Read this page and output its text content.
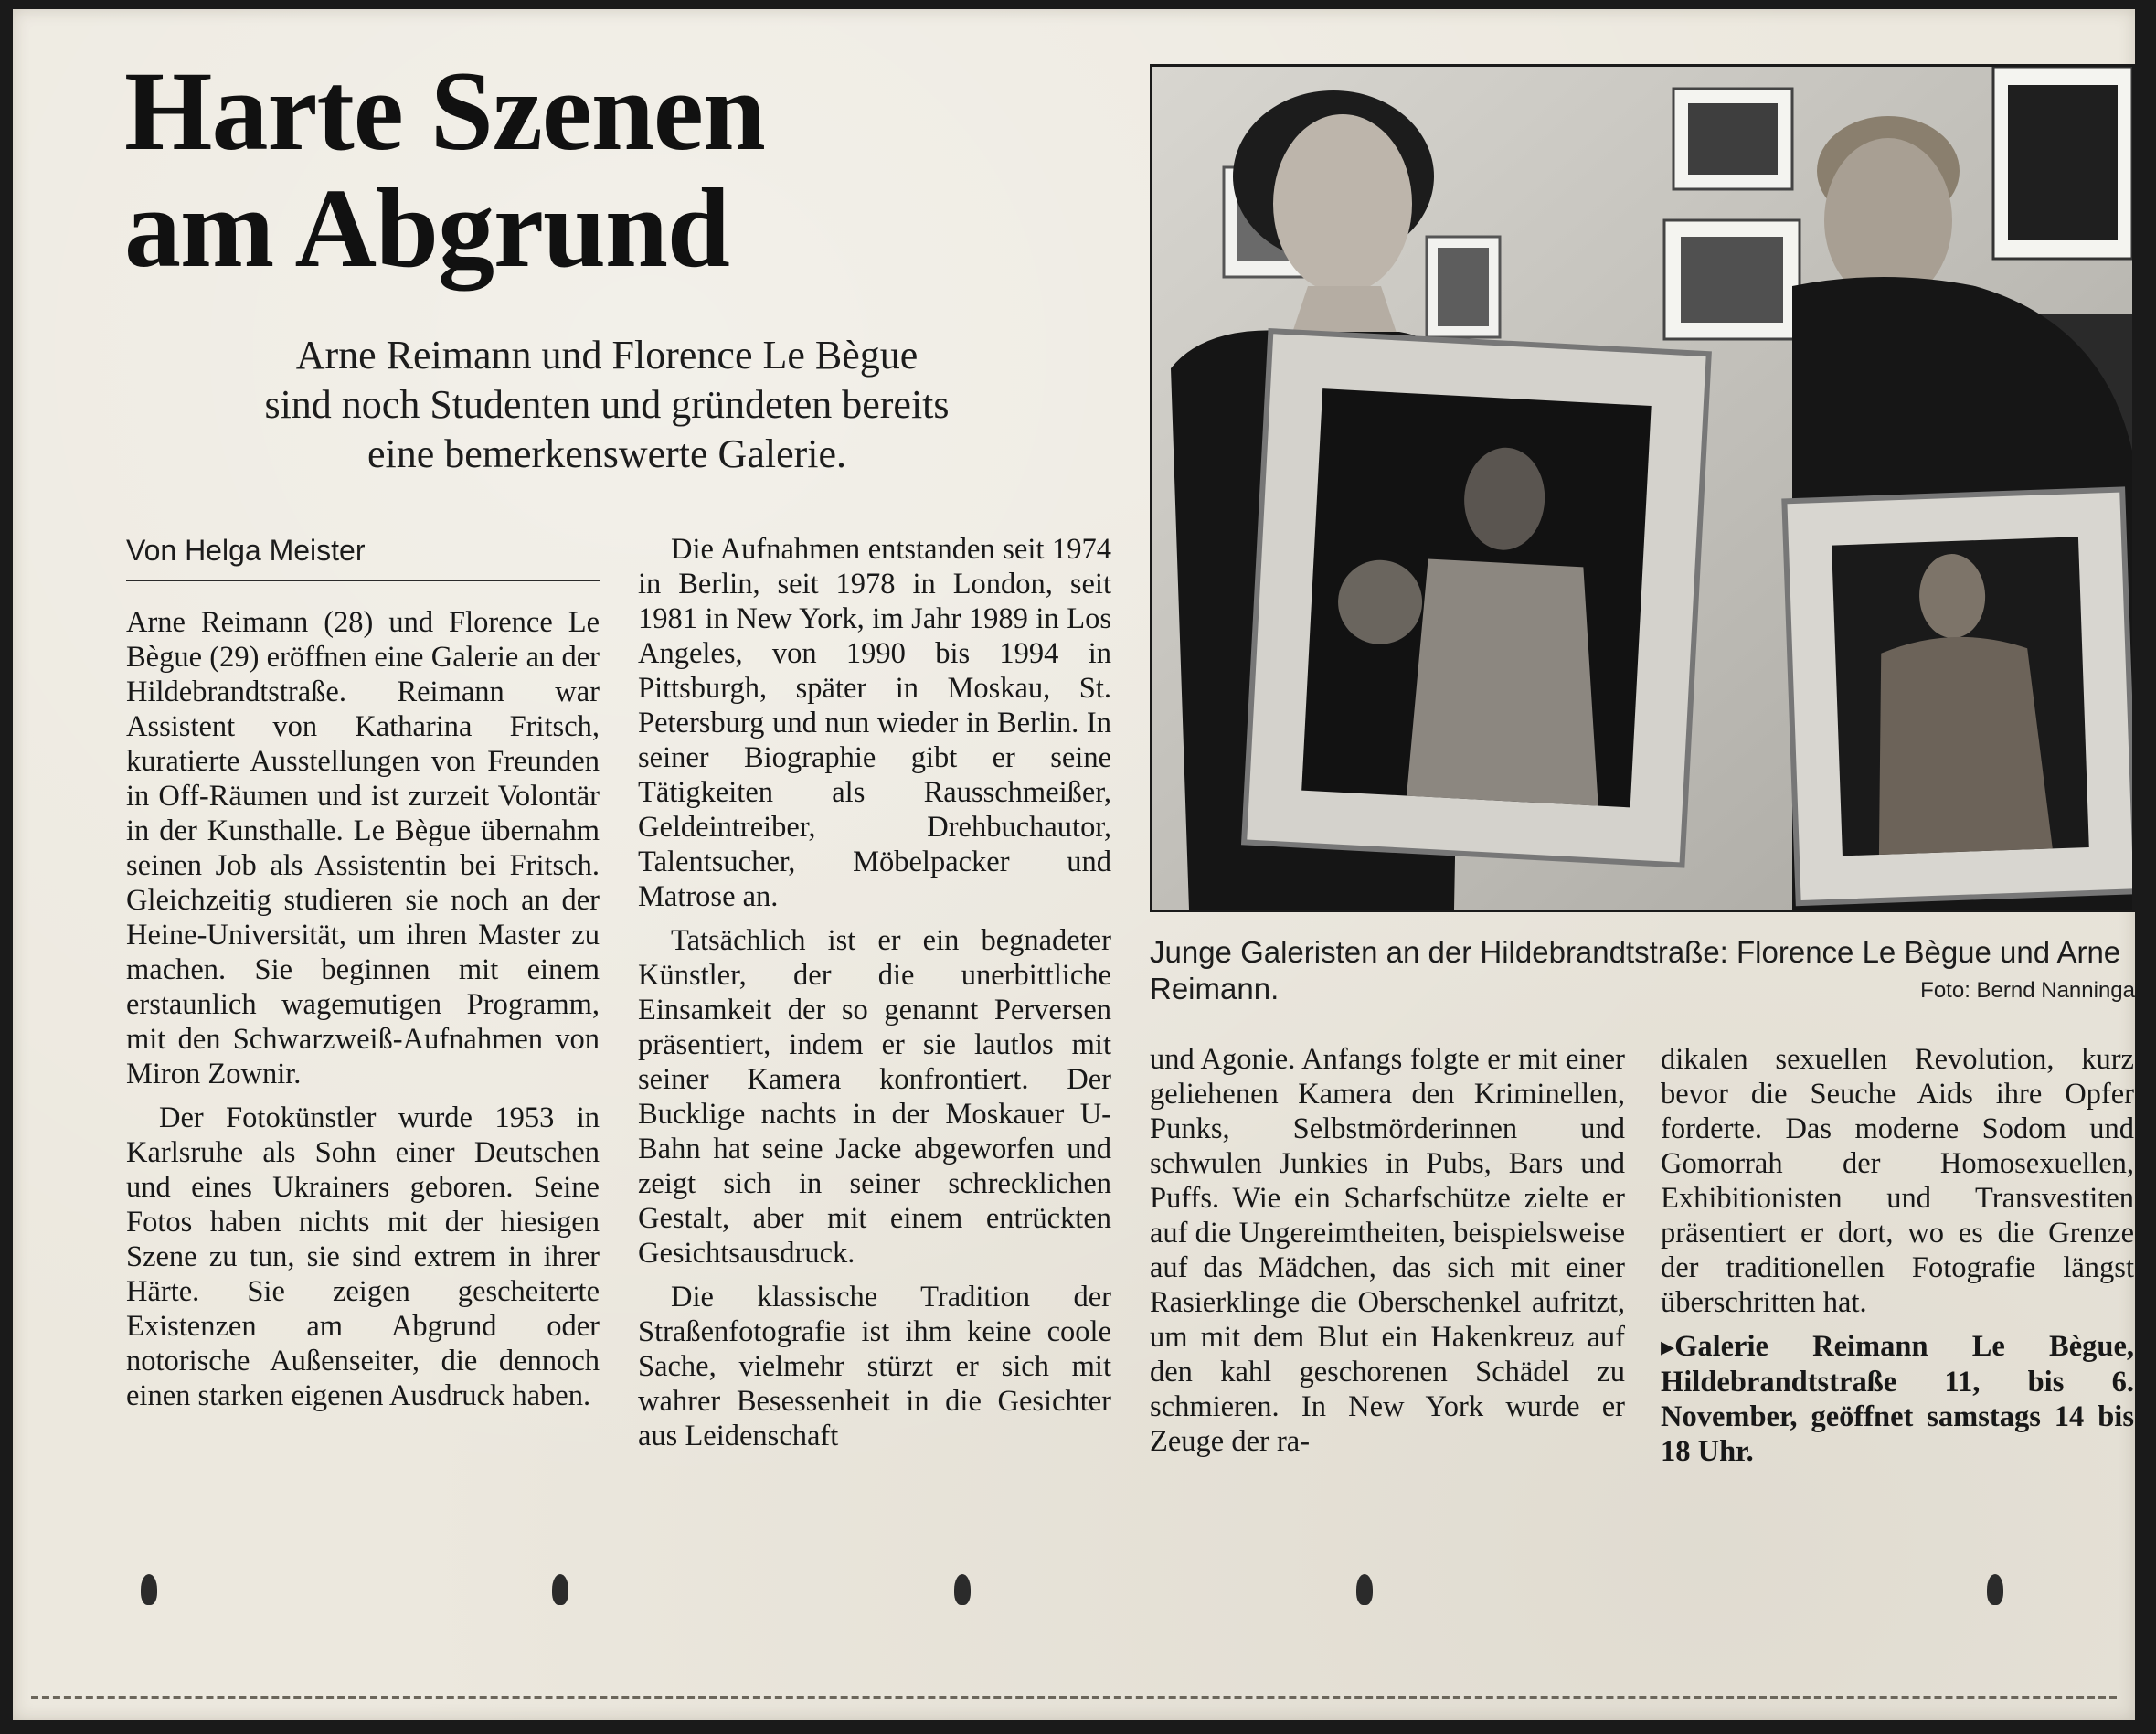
Harte Szenen
am Abgrund
Arne Reimann und Florence Le Bègue
sind noch Studenten und gründeten bereits
eine bemerkenswerte Galerie.
Von Helga Meister

Arne Reimann (28) und Florence Le Bègue (29) eröffnen eine Galerie an der Hildebrandtstraße. Reimann war Assistent von Katharina Fritsch, kuratierte Ausstellungen von Freunden in Off-Räumen und ist zurzeit Volontär in der Kunsthalle. Le Bègue übernahm seinen Job als Assistentin bei Fritsch. Gleichzeitig studieren sie noch an der Heine-Universität, um ihren Master zu machen. Sie beginnen mit einem erstaunlich wagemutigen Programm, mit den Schwarzweiß-Aufnahmen von Miron Zownir.

Der Fotokünstler wurde 1953 in Karlsruhe als Sohn einer Deutschen und eines Ukrainers geboren. Seine Fotos haben nichts mit der hiesigen Szene zu tun, sie sind extrem in ihrer Härte. Sie zeigen gescheiterte Existenzen am Abgrund oder notorische Außenseiter, die dennoch einen starken eigenen Ausdruck haben.

Die Aufnahmen entstanden seit 1974 in Berlin, seit 1978 in London, seit 1981 in New York, im Jahr 1989 in Los Angeles, von 1990 bis 1994 in Pittsburgh, später in Moskau, St. Petersburg und nun wieder in Berlin. In seiner Biographie gibt er seine Tätigkeiten als Rausschmeißer, Geldeintreiber, Drehbuchautor, Talentsucher, Möbelpacker und Matrose an.

Tatsächlich ist er ein begnadeter Künstler, der die unerbittliche Einsamkeit der so genannt Perversen präsentiert, indem er sie lautlos mit seiner Kamera konfrontiert. Der Bucklige nachts in der Moskauer U-Bahn hat seine Jacke abgeworfen und zeigt sich in seiner schrecklichen Gestalt, aber mit einem entrückten Gesichtsausdruck.

Die klassische Tradition der Straßenfotografie ist ihm keine coole Sache, vielmehr stürzt er sich mit wahrer Besessenheit in die Gesichter aus Leidenschaft

Junge Galeristen an der Hildebrandtstraße: Florence Le Bègue und Arne Reimann.	Foto: Bernd Nanninga

und Agonie. Anfangs folgte er mit einer geliehenen Kamera den Kriminellen, Punks, Selbstmörderinnen und schwulen Junkies in Pubs, Bars und Puffs. Wie ein Scharfschütze zielte er auf die Ungereimtheiten, beispielsweise auf das Mädchen, das sich mit einer Rasierklinge die Oberschenkel aufritzt, um mit dem Blut ein Hakenkreuz auf den kahl geschorenen Schädel zu schmieren. In New York wurde er Zeuge der ra-

dikalen sexuellen Revolution, kurz bevor die Seuche Aids ihre Opfer forderte. Das moderne Sodom und Gomorrah der Homosexuellen, Exhibitionisten und Transvestiten präsentiert er dort, wo es die Grenze der traditionellen Fotografie längst überschritten hat.

▸ Galerie Reimann Le Bègue, Hildebrandtstraße 11, bis 6. November, geöffnet samstags 14 bis 18 Uhr.
